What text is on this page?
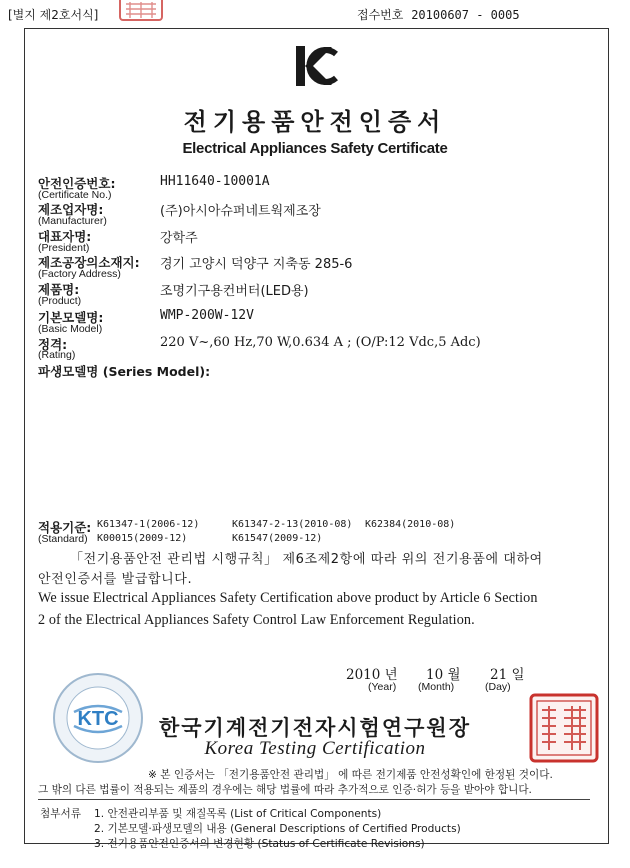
[별지 제2호서식]	접수번호 20100607 - 0005
전기용품안전인증서
Electrical Appliances Safety Certificate
안전인증번호:
(Certificate No.)
HH11640-10001A
제조업자명:
(Manufacturer)
(주)아시아슈퍼네트웍제조장
대표자명:
(President)
강학주
제조공장의소재지:
(Factory Address)
경기 고양시 덕양구 지축동 285-6
제품명:
(Product)
조명기구용컨버터(LED용)
기본모델명:
(Basic Model)
WMP-200W-12V
정격:
(Rating)
220 V~,60 Hz,70 W,0.634 A ; (O/P:12 Vdc,5 Adc)
파생모델명 (Series Model):
적용기준:
(Standard)
K61347-1(2006-12)	K61347-2-13(2010-08) K62384(2010-08)
K00015(2009-12)	K61547(2009-12)
「전기용품안전 관리법 시행규칙」 제6조제2항에 따라 위의 전기용품에 대하여
안전인증서를 발급합니다.
We issue Electrical Appliances Safety Certification above product by Article 6 Section
2 of the Electrical Appliances Safety Control Law Enforcement Regulation.
2010 년 10 월 21 일
(Year) (Month)	(Day)
KTC	한국기계전기전자시험연구원장
Korea Testing Certification
※ 본 인증서는 「전기용품안전 관리법」 에 따른 전기제품 안전성확인에 한정된 것이다.
그 밖의 다른 법률이 적용되는 제품의 경우에는 해당 법률에 따라 추가적으로 인증·허가 등을 받아야 합니다.
첨부서류 1. 안전관리부품 및 재질목록 (List of Critical Components)
2. 기본모델·파생모델의 내용 (General Descriptions of Certified Products)
3. 전기용품안전인증서의 변경현황 (Status of Certificate Revisions)
